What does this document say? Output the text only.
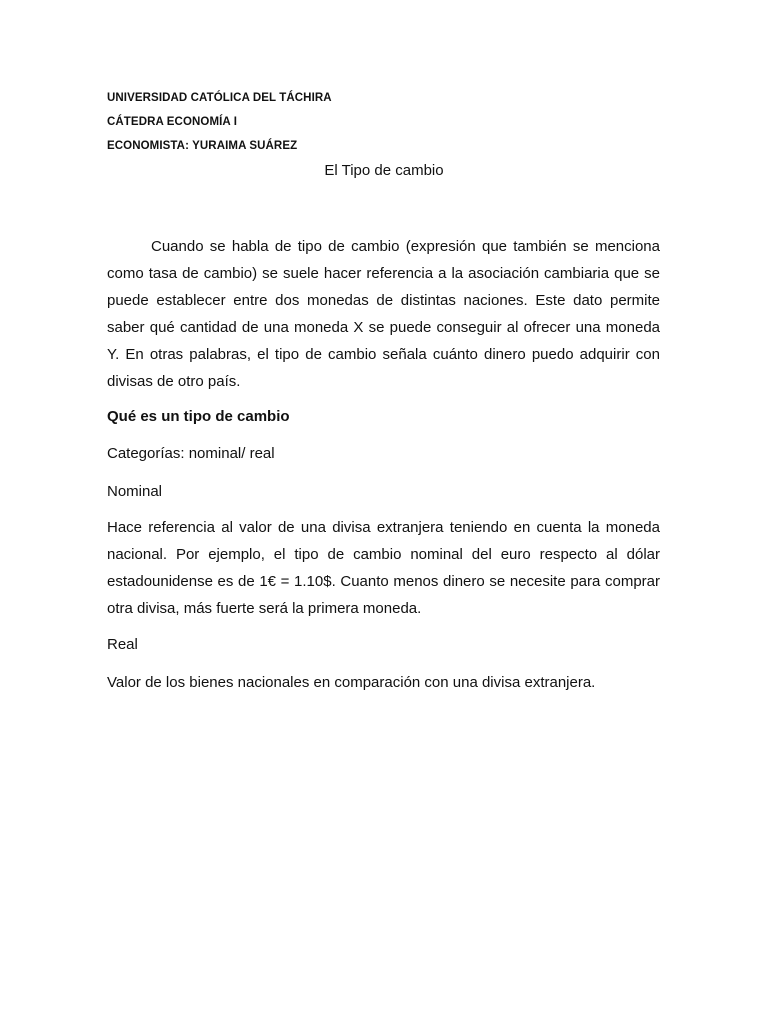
UNIVERSIDAD CATÓLICA DEL TÁCHIRA
CÁTEDRA ECONOMÍA I
ECONOMISTA: YURAIMA SUÁREZ
El Tipo de cambio
Cuando se habla de tipo de cambio (expresión que también se menciona como tasa de cambio) se suele hacer referencia a la asociación cambiaria que se puede establecer entre dos monedas de distintas naciones. Este dato permite saber qué cantidad de una moneda X se puede conseguir al ofrecer una moneda Y. En otras palabras, el tipo de cambio señala cuánto dinero puedo adquirir con divisas de otro país.
Qué es un tipo de cambio
Categorías: nominal/ real
Nominal
Hace referencia al valor de una divisa extranjera teniendo en cuenta la moneda nacional. Por ejemplo, el tipo de cambio nominal del euro respecto al dólar estadounidense es de 1€ = 1.10$. Cuanto menos dinero se necesite para comprar otra divisa, más fuerte será la primera moneda.
Real
Valor de los bienes nacionales en comparación con una divisa extranjera.
